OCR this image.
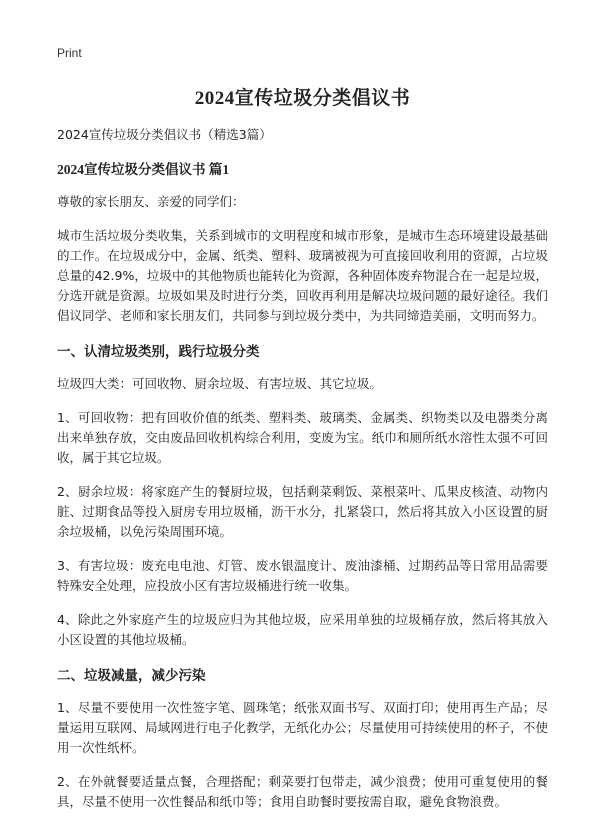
Print
2024宣传垃圾分类倡议书
2024宣传垃圾分类倡议书（精选3篇）
2024宣传垃圾分类倡议书 篇1

尊敬的家长朋友、亲爱的同学们：

城市生活垃圾分类收集，关系到城市的文明程度和城市形象，是城市生态环境建设最基础的工作。在垃圾成分中，金属、纸类、塑料、玻璃被视为可直接回收利用的资源，占垃圾总量的42.9%，垃圾中的其他物质也能转化为资源，各种固体废弃物混合在一起是垃圾，分选开就是资源。垃圾如果及时进行分类，回收再利用是解决垃圾问题的最好途径。我们倡议同学、老师和家长朋友们，共同参与到垃圾分类中，为共同缔造美丽，文明而努力。

一、认清垃圾类别，践行垃圾分类

垃圾四大类：可回收物、厨余垃圾、有害垃圾、其它垃圾。

1、可回收物：把有回收价值的纸类、塑料类、玻璃类、金属类、织物类以及电器类分离出来单独存放，交由废品回收机构综合利用，变废为宝。纸巾和厕所纸水溶性太强不可回收，属于其它垃圾。

2、厨余垃圾：将家庭产生的餐厨垃圾，包括剩菜剩饭、菜根菜叶、瓜果皮核渣、动物内脏、过期食品等投入厨房专用垃圾桶，沥干水分，扎紧袋口，然后将其放入小区设置的厨余垃圾桶，以免污染周围环境。

3、有害垃圾：废充电电池、灯管、废水银温度计、废油漆桶、过期药品等日常用品需要特殊安全处理，应投放小区有害垃圾桶进行统一收集。

4、除此之外家庭产生的垃圾应归为其他垃圾，应采用单独的垃圾桶存放，然后将其放入小区设置的其他垃圾桶。

二、垃圾减量，减少污染

1、尽量不要使用一次性签字笔、圆珠笔；纸张双面书写、双面打印；使用再生产品；尽量运用互联网、局域网进行电子化教学，无纸化办公；尽量使用可持续使用的杯子，不使用一次性纸杯。

2、在外就餐要适量点餐，合理搭配；剩菜要打包带走，减少浪费；使用可重复使用的餐具，尽量不使用一次性餐品和纸巾等；食用自助餐时要按需自取，避免食物浪费。
